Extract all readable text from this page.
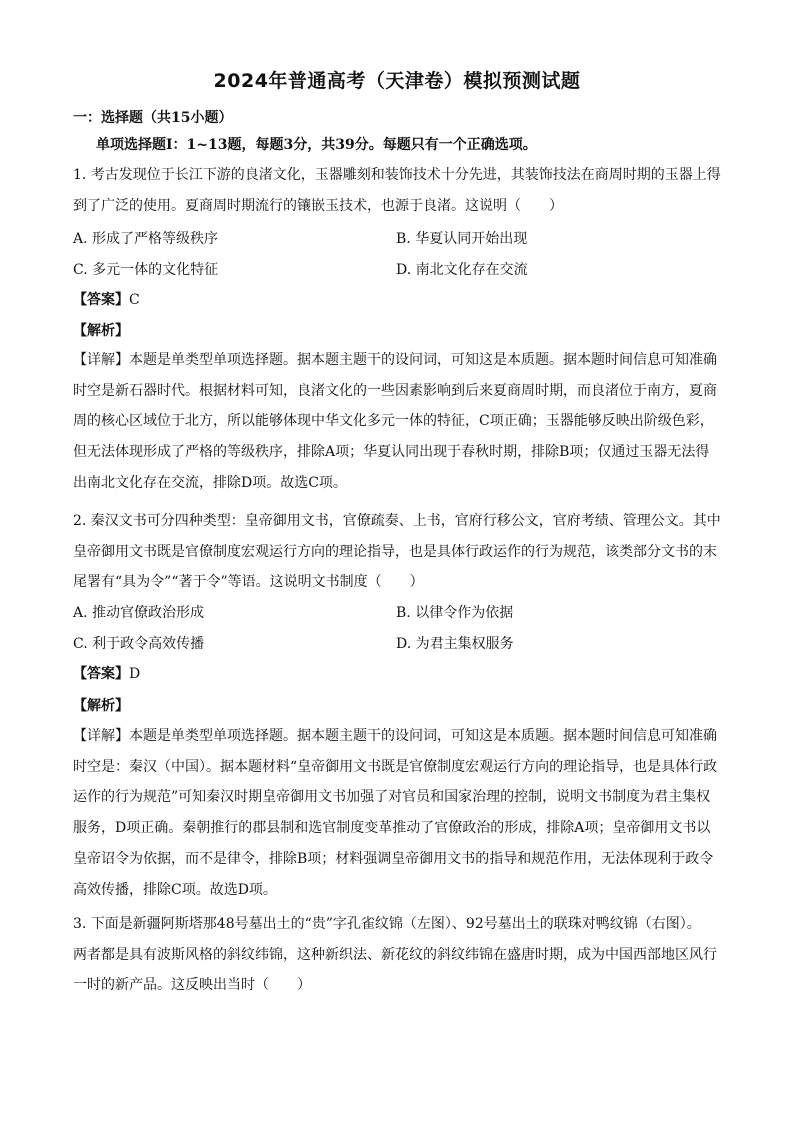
2024年普通高考（天津卷）模拟预测试题
一：选择题（共15小题）
单项选择题Ⅰ：1~13题，每题3分，共39分。每题只有一个正确选项。
1. 考古发现位于长江下游的良渚文化，玉器雕刻和装饰技术十分先进，其装饰技法在商周时期的玉器上得
到了广泛的使用。夏商周时期流行的镶嵌玉技术，也源于良渚。这说明（　　）
A. 形成了严格等级秩序	B. 华夏认同开始出现
C. 多元一体的文化特征	D. 南北文化存在交流
【答案】C
【解析】
【详解】本题是单类型单项选择题。据本题主题干的设问词，可知这是本质题。据本题时间信息可知准确
时空是新石器时代。根据材料可知，良渚文化的一些因素影响到后来夏商周时期，而良渚位于南方，夏商
周的核心区域位于北方，所以能够体现中华文化多元一体的特征，C项正确；玉器能够反映出阶级色彩，
但无法体现形成了严格的等级秩序，排除A项；华夏认同出现于春秋时期，排除B项；仅通过玉器无法得
出南北文化存在交流，排除D项。故选C项。
2. 秦汉文书可分四种类型：皇帝御用文书，官僚疏奏、上书，官府行移公文，官府考绩、管理公文。其中
皇帝御用文书既是官僚制度宏观运行方向的理论指导，也是具体行政运作的行为规范，该类部分文书的末
尾署有“具为令”“著于令”等语。这说明文书制度（　　）
A. 推动官僚政治形成	B. 以律令作为依据
C. 利于政令高效传播	D. 为君主集权服务
【答案】D
【解析】
【详解】本题是单类型单项选择题。据本题主题干的设问词，可知这是本质题。据本题时间信息可知准确
时空是：秦汉（中国）。据本题材料“皇帝御用文书既是官僚制度宏观运行方向的理论指导，也是具体行政
运作的行为规范”可知秦汉时期皇帝御用文书加强了对官员和国家治理的控制，说明文书制度为君主集权
服务，D项正确。秦朝推行的郡县制和选官制度变革推动了官僚政治的形成，排除A项；皇帝御用文书以
皇帝诏令为依据，而不是律令，排除B项；材料强调皇帝御用文书的指导和规范作用，无法体现利于政令
高效传播，排除C项。故选D项。
3. 下面是新疆阿斯塔那48号墓出土的“贵”字孔雀纹锦（左图）、92号墓出土的联珠对鸭纹锦（右图）。
两者都是具有波斯风格的斜纹纬锦，这种新织法、新花纹的斜纹纬锦在盛唐时期，成为中国西部地区风行
一时的新产品。这反映出当时（　　）
